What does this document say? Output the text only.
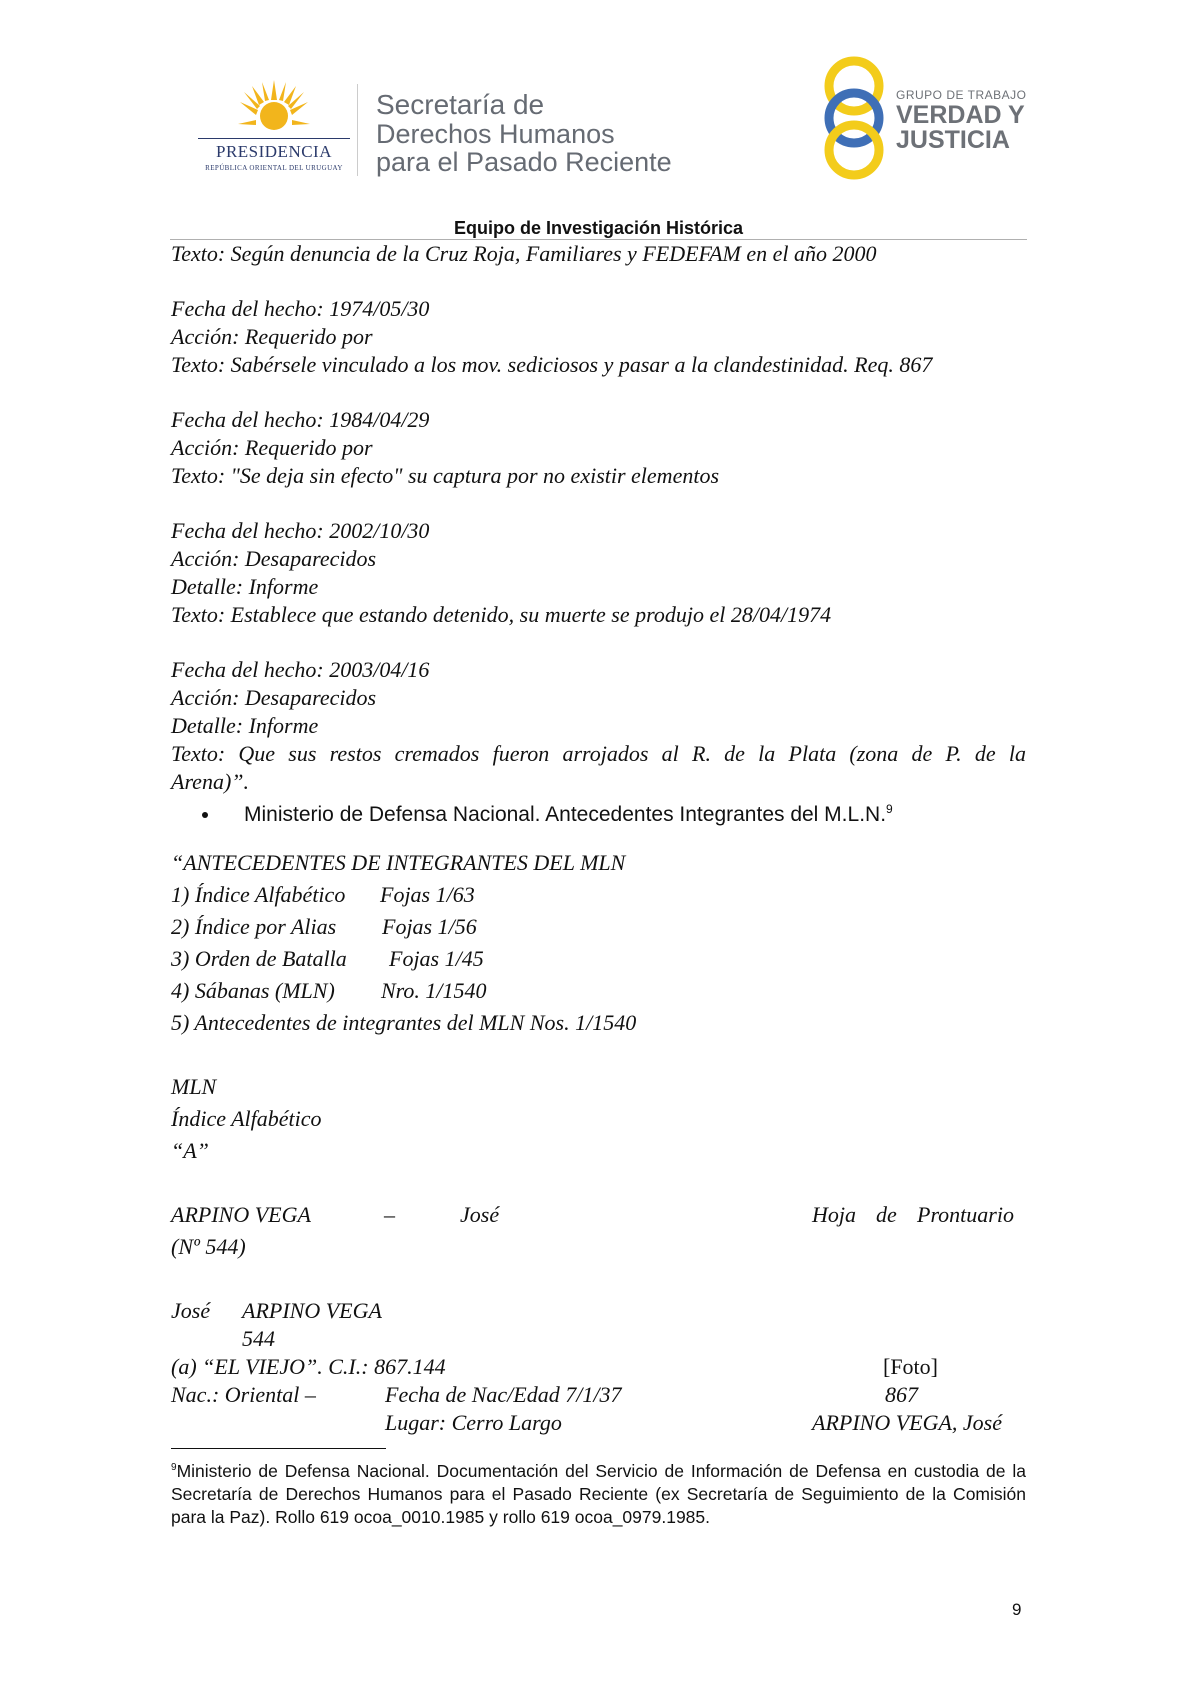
PRESIDENCIA
REPÚBLICA ORIENTAL DEL URUGUAY
Secretaría de
Derechos Humanos
para el Pasado Reciente
GRUPO DE TRABAJO
VERDAD Y
JUSTICIA
Equipo de Investigación Histórica
Texto: Según denuncia de la Cruz Roja, Familiares y FEDEFAM en el año 2000
Fecha del hecho: 1974/05/30
Acción: Requerido por
Texto: Sabérsele vinculado a los mov. sediciosos y pasar a la clandestinidad. Req. 867
Fecha del hecho: 1984/04/29
Acción: Requerido por
Texto: "Se deja sin efecto" su captura por no existir elementos
Fecha del hecho: 2002/10/30
Acción: Desaparecidos
Detalle: Informe
Texto: Establece que estando detenido, su muerte se produjo el 28/04/1974
Fecha del hecho: 2003/04/16
Acción: Desaparecidos
Detalle: Informe
Texto: Que sus restos cremados fueron arrojados al R. de la Plata (zona de P. de la
Arena)”.
Ministerio de Defensa Nacional. Antecedentes Integrantes del M.L.N.$^9$
“ANTECEDENTES DE INTEGRANTES DEL MLN
1) Índice Alfabético Fojas 1/63
2) Índice por Alias Fojas 1/56
3) Orden de Batalla Fojas 1/45
4) Sábanas (MLN) Nro. 1/1540
5) Antecedentes de integrantes del MLN Nos. 1/1540
MLN
Índice Alfabético
“A”
ARPINO VEGA	–	José	Hoja de Prontuario
(Nº 544)
José ARPINO VEGA
544
(a) “EL VIEJO”. C.I.: 867.144	[Foto]
Nac.: Oriental –	Fecha de Nac/Edad 7/1/37	867
Lugar: Cerro Largo	ARPINO VEGA, José
$^9$Ministerio de Defensa Nacional. Documentación del Servicio de Información de Defensa en custodia de la Secretaría de Derechos Humanos para el Pasado Reciente (ex Secretaría de Seguimiento de la Comisión para la Paz). Rollo 619 ocoa_0010.1985 y rollo 619 ocoa_0979.1985.
9
